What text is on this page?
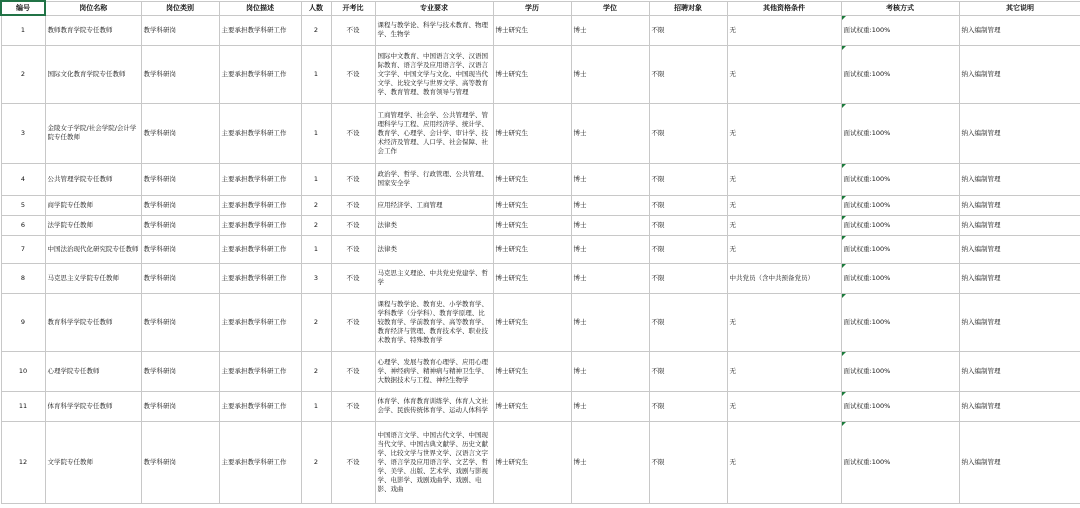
编号	岗位名称	岗位类别	岗位描述	人数	开考比	专业要求	学历	学位	招聘对象	其他资格条件	考核方式	其它说明
1	教师教育学院专任教师	教学科研岗	主要承担教学科研工作	2	不设	课程与教学论、科学与技术教育、物理学、生物学	博士研究生	博士	不限	无	面试权重:100%	纳入编制管理
2	国际文化教育学院专任教师	教学科研岗	主要承担教学科研工作	1	不设	国际中文教育、中国语言文学、汉语国际教育、语言学及应用语言学、汉语言文字学、中国文学与文化、中国现当代文学、比较文学与世界文学、高等教育学、教育管理、教育领导与管理	博士研究生	博士	不限	无	面试权重:100%	纳入编制管理
3	金陵女子学院/社会学院/会计学院专任教师	教学科研岗	主要承担教学科研工作	1	不设	工商管理学、社会学、公共管理学、管理科学与工程、应用经济学、统计学、教育学、心理学、会计学、审计学、技术经济及管理、人口学、社会保障、社会工作	博士研究生	博士	不限	无	面试权重:100%	纳入编制管理
4	公共管理学院专任教师	教学科研岗	主要承担教学科研工作	1	不设	政治学、哲学、行政管理、公共管理、国家安全学	博士研究生	博士	不限	无	面试权重:100%	纳入编制管理
5	商学院专任教师	教学科研岗	主要承担教学科研工作	2	不设	应用经济学、工商管理	博士研究生	博士	不限	无	面试权重:100%	纳入编制管理
6	法学院专任教师	教学科研岗	主要承担教学科研工作	2	不设	法律类	博士研究生	博士	不限	无	面试权重:100%	纳入编制管理
7	中国法治现代化研究院专任教师	教学科研岗	主要承担教学科研工作	1	不设	法律类	博士研究生	博士	不限	无	面试权重:100%	纳入编制管理
8	马克思主义学院专任教师	教学科研岗	主要承担教学科研工作	3	不设	马克思主义理论、中共党史党建学、哲学	博士研究生	博士	不限	中共党员（含中共预备党员）	面试权重:100%	纳入编制管理
9	教育科学学院专任教师	教学科研岗	主要承担教学科研工作	2	不设	课程与教学论、教育史、小学教育学、学科教学（分学科）、教育学原理、比较教育学、学前教育学、高等教育学、教育经济与管理、教育技术学、职业技术教育学、特殊教育学	博士研究生	博士	不限	无	面试权重:100%	纳入编制管理
10	心理学院专任教师	教学科研岗	主要承担教学科研工作	2	不设	心理学、发展与教育心理学、应用心理学、神经病学、精神病与精神卫生学、大数据技术与工程、神经生物学	博士研究生	博士	不限	无	面试权重:100%	纳入编制管理
11	体育科学学院专任教师	教学科研岗	主要承担教学科研工作	1	不设	体育学、体育教育训练学、体育人文社会学、民族传统体育学、运动人体科学	博士研究生	博士	不限	无	面试权重:100%	纳入编制管理
12	文学院专任教师	教学科研岗	主要承担教学科研工作	2	不设	中国语言文学、中国古代文学、中国现当代文学、中国古典文献学、历史文献学、比较文学与世界文学、汉语言文字学、语言学及应用语言学、文艺学、哲学、美学、出版、艺术学、戏剧与影视学、电影学、戏剧戏曲学、戏剧、电影、戏曲	博士研究生	博士	不限	无	面试权重:100%	纳入编制管理
